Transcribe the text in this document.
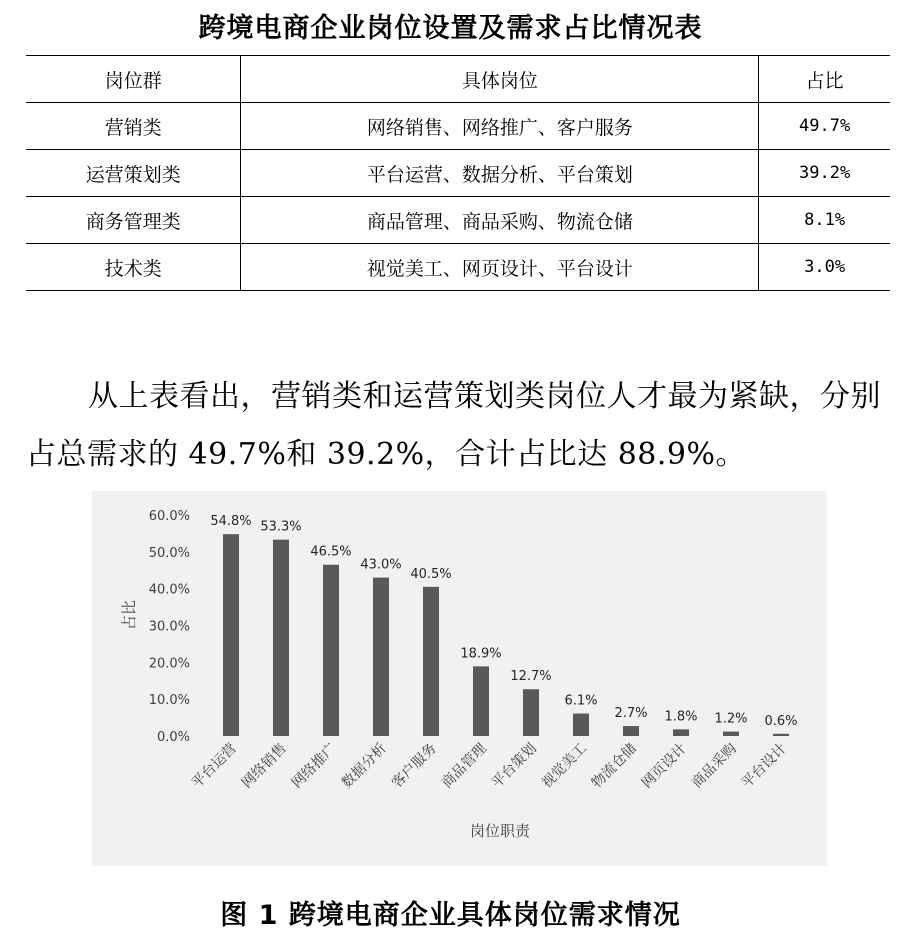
跨境电商企业岗位设置及需求占比情况表
岗位群	具体岗位	占比
营销类	网络销售、网络推广、客户服务	49.7%
运营策划类	平台运营、数据分析、平台策划	39.2%
商务管理类	商品管理、商品采购、物流仓储	8.1%
技术类	视觉美工、网页设计、平台设计	3.0%

从上表看出，营销类和运营策划类岗位人才最为紧缺，分别占总需求的 49.7%和 39.2%，合计占比达 88.9%。

占比
岗位职责
0.0%
10.0%
20.0%
30.0%
40.0%
50.0%
60.0% 54.8%
平台运营
53.3%
网络销售
46.5%
网络推广
43.0%
数据分析
40.5%
客户服务
18.9%
商品管理
12.7%
平台策划
6.1%
视觉美工
2.7%
物流仓储
1.8%
网页设计
1.2%
商品采购
0.6%
平台设计
图 1 跨境电商企业具体岗位需求情况
